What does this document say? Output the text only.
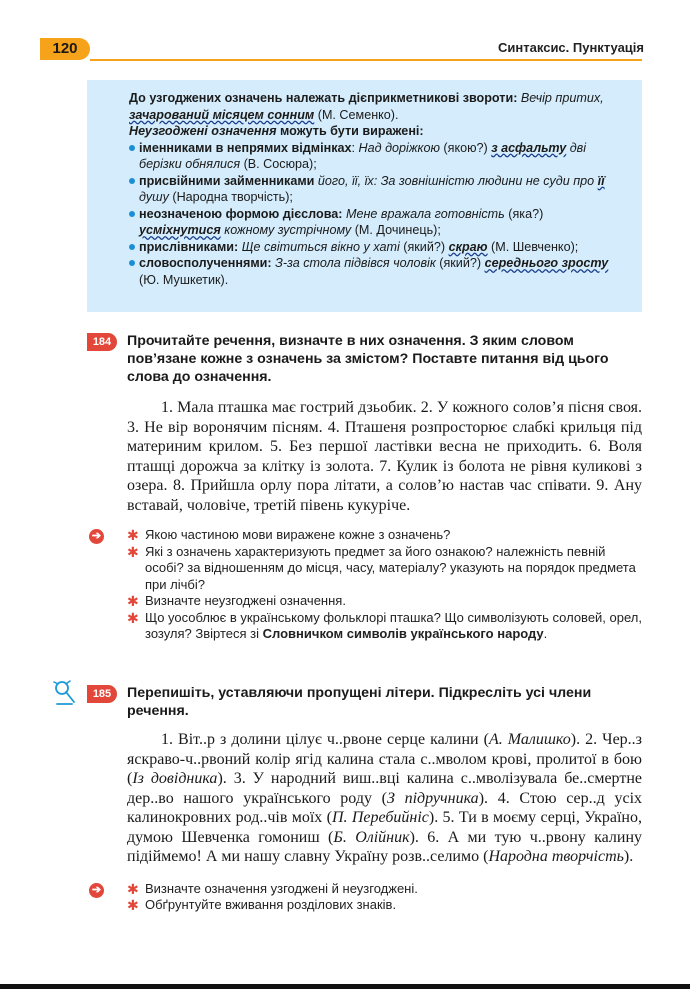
120	Синтаксис. Пунктуація

До узгоджених означень належать дієприкметникові звороти: Вечір притих, зачарований місяцем сонним (М. Семенко).

Неузгоджені означення можуть бути виражені:

іменниками в непрямих відмінках: Над доріжкою (якою?) з асфальту дві берізки обнялися (В. Сосюра);
присвійними займенниками його, її, їх: За зовнішністю людини не суди про її душу (Народна творчість);
неозначеною формою дієслова: Мене вражала готовність (яка?) усміхнутися кожному зустрічному (М. Дочинець);
прислівниками: Ще світиться вікно у хаті (який?) скраю (М. Шевченко);
словосполученнями: З-за стола підвівся чоловік (який?) середнього зросту (Ю. Мушкетик).
184	Прочитайте речення, визначте в них означення. З яким словом пов’язане кожне з означень за змістом? Поставте питання від цього слова до означення.

1. Мала пташка має гострий дзьобик. 2. У кожного солов’я пісня своя. 3. Не вір воронячим пісням. 4. Пташеня розпросторює слабкі крильця під материним крилом. 5. Без першої ластівки весна не приходить. 6. Воля пташці дорожча за клітку із золота. 7. Кулик із болота не рівня куликові з озера. 8. Прийшла орлу пора літати, а солов’ю настав час співати. 9. Ану вставай, чоловіче, третій півень кукуріче.

➔ ✱ Якою частиною мови виражене кожне з означень?
✱ Які з означень характеризують предмет за його ознакою? належність певній особі? за відношенням до місця, часу, матеріалу? указують на порядок предмета при лічбі?
✱ Визначте неузгоджені означення.
✱ Що уособлює в українському фольклорі пташка? Що символізують соловей, орел, зозуля? Звіртеся зі Словничком символів українського народу.
185	Перепишіть, уставляючи пропущені літери. Підкресліть усі члени речення.

1. Віт..р з долини цілує ч..рвоне серце калини (А. Малишко). 2. Чер..з яскраво-ч..рвоний колір ягід калина стала с..мволом крові, пролитої в бою (Із довідника). 3. У народний виш..вці калина с..мволізувала бе..смертне дер..во нашого українського роду (З підручника). 4. Стою сер..д усіх калинокровних род..чів моїх (П. Перебийніс). 5. Ти в моєму серці, Україно, думою Шевченка гомониш (Б. Олійник). 6. А ми тую ч..рвону калину підіймемо! А ми нашу славну Україну розв..селимо (Народна творчість).

➔ ✱ Визначте означення узгоджені й неузгоджені.
✱ Обґрунтуйте вживання розділових знаків.
